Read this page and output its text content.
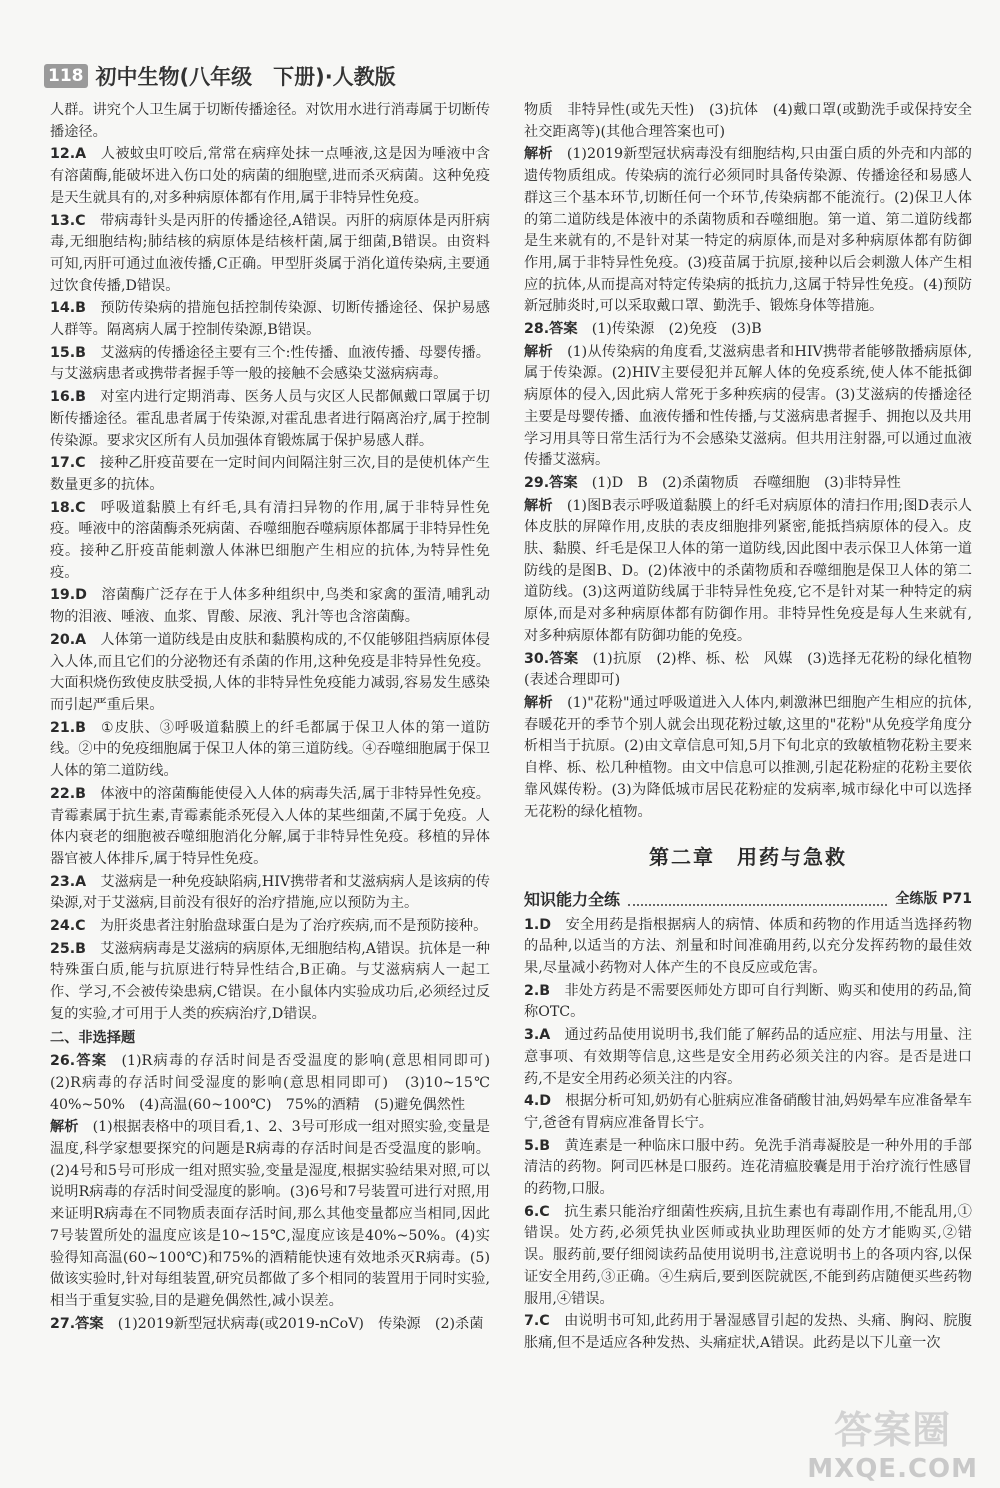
118 初中生物(八年级　下册)·人教版

人群。讲究个人卫生属于切断传播途径。对饮用水进行消毒属于切断传播途径。

12.A  人被蚊虫叮咬后,常常在病痒处抹一点唾液,这是因为唾液中含有溶菌酶,能破坏进入伤口处的病菌的细胞壁,进而杀灭病菌。这种免疫是天生就具有的,对多种病原体都有作用,属于非特异性免疫。

13.C  带病毒针头是丙肝的传播途径,A错误。丙肝的病原体是丙肝病毒,无细胞结构;肺结核的病原体是结核杆菌,属于细菌,B错误。由资料可知,丙肝可通过血液传播,C正确。甲型肝炎属于消化道传染病,主要通过饮食传播,D错误。

14.B  预防传染病的措施包括控制传染源、切断传播途径、保护易感人群等。隔离病人属于控制传染源,B错误。

15.B  艾滋病的传播途径主要有三个:性传播、血液传播、母婴传播。与艾滋病患者或携带者握手等一般的接触不会感染艾滋病病毒。

16.B  对室内进行定期消毒、医务人员与灾区人民都佩戴口罩属于切断传播途径。霍乱患者属于传染源,对霍乱患者进行隔离治疗,属于控制传染源。要求灾区所有人员加强体育锻炼属于保护易感人群。

17.C  接种乙肝疫苗要在一定时间内间隔注射三次,目的是使机体产生数量更多的抗体。

18.C  呼吸道黏膜上有纤毛,具有清扫异物的作用,属于非特异性免疫。唾液中的溶菌酶杀死病菌、吞噬细胞吞噬病原体都属于非特异性免疫。接种乙肝疫苗能刺激人体淋巴细胞产生相应的抗体,为特异性免疫。

19.D  溶菌酶广泛存在于人体多种组织中,鸟类和家禽的蛋清,哺乳动物的泪液、唾液、血浆、胃酸、尿液、乳汁等也含溶菌酶。

20.A  人体第一道防线是由皮肤和黏膜构成的,不仅能够阻挡病原体侵入人体,而且它们的分泌物还有杀菌的作用,这种免疫是非特异性免疫。大面积烧伤致使皮肤受损,人体的非特异性免疫能力减弱,容易发生感染而引起严重后果。

21.B  ①皮肤、③呼吸道黏膜上的纤毛都属于保卫人体的第一道防线。②中的免疫细胞属于保卫人体的第三道防线。④吞噬细胞属于保卫人体的第二道防线。

22.B  体液中的溶菌酶能使侵入人体的病毒失活,属于非特异性免疫。青霉素属于抗生素,青霉素能杀死侵入人体的某些细菌,不属于免疫。人体内衰老的细胞被吞噬细胞消化分解,属于非特异性免疫。移植的异体器官被人体排斥,属于特异性免疫。

23.A  艾滋病是一种免疫缺陷病,HIV携带者和艾滋病病人是该病的传染源,对于艾滋病,目前没有很好的治疗措施,应以预防为主。

24.C  为肝炎患者注射胎盘球蛋白是为了治疗疾病,而不是预防接种。

25.B  艾滋病病毒是艾滋病的病原体,无细胞结构,A错误。抗体是一种特殊蛋白质,能与抗原进行特异性结合,B正确。与艾滋病病人一起工作、学习,不会被传染患病,C错误。在小鼠体内实验成功后,必须经过反复的实验,才可用于人类的疾病治疗,D错误。

二、非选择题

26.答案  (1)R病毒的存活时间是否受温度的影响(意思相同即可)　(2)R病毒的存活时间受湿度的影响(意思相同即可)　(3)10~15℃　40%~50%　(4)高温(60~100℃)　75%的酒精　(5)避免偶然性

解析  (1)根据表格中的项目看,1、2、3号可形成一组对照实验,变量是温度,科学家想要探究的问题是R病毒的存活时间是否受温度的影响。(2)4号和5号可形成一组对照实验,变量是湿度,根据实验结果对照,可以说明R病毒的存活时间受湿度的影响。(3)6号和7号装置可进行对照,用来证明R病毒在不同物质表面存活时间,那么其他变量都应当相同,因此7号装置所处的温度应该是10~15℃,湿度应该是40%~50%。(4)实验得知高温(60~100℃)和75%的酒精能快速有效地杀灭R病毒。(5)做该实验时,针对每组装置,研究员都做了多个相同的装置用于同时实验,相当于重复实验,目的是避免偶然性,减小误差。

27.答案  (1)2019新型冠状病毒(或2019-nCoV)　传染源　(2)杀菌

物质　非特异性(或先天性)　(3)抗体　(4)戴口罩(或勤洗手或保持安全社交距离等)(其他合理答案也可)

解析  (1)2019新型冠状病毒没有细胞结构,只由蛋白质的外壳和内部的遗传物质组成。传染病的流行必须同时具备传染源、传播途径和易感人群这三个基本环节,切断任何一个环节,传染病都不能流行。(2)保卫人体的第二道防线是体液中的杀菌物质和吞噬细胞。第一道、第二道防线都是生来就有的,不是针对某一特定的病原体,而是对多种病原体都有防御作用,属于非特异性免疫。(3)疫苗属于抗原,接种以后会刺激人体产生相应的抗体,从而提高对特定传染病的抵抗力,这属于特异性免疫。(4)预防新冠肺炎时,可以采取戴口罩、勤洗手、锻炼身体等措施。

28.答案  (1)传染源　(2)免疫　(3)B

解析  (1)从传染病的角度看,艾滋病患者和HIV携带者能够散播病原体,属于传染源。(2)HIV主要侵犯并瓦解人体的免疫系统,使人体不能抵御病原体的侵入,因此病人常死于多种疾病的侵害。(3)艾滋病的传播途径主要是母婴传播、血液传播和性传播,与艾滋病患者握手、拥抱以及共用学习用具等日常生活行为不会感染艾滋病。但共用注射器,可以通过血液传播艾滋病。

29.答案  (1)D　B　(2)杀菌物质　吞噬细胞　(3)非特异性

解析  (1)图B表示呼吸道黏膜上的纤毛对病原体的清扫作用;图D表示人体皮肤的屏障作用,皮肤的表皮细胞排列紧密,能抵挡病原体的侵入。皮肤、黏膜、纤毛是保卫人体的第一道防线,因此图中表示保卫人体第一道防线的是图B、D。(2)体液中的杀菌物质和吞噬细胞是保卫人体的第二道防线。(3)这两道防线属于非特异性免疫,它不是针对某一种特定的病原体,而是对多种病原体都有防御作用。非特异性免疫是每人生来就有,对多种病原体都有防御功能的免疫。

30.答案  (1)抗原　(2)桦、栎、松　风媒　(3)选择无花粉的绿化植物(表述合理即可)

解析  (1)"花粉"通过呼吸道进入人体内,刺激淋巴细胞产生相应的抗体,春暖花开的季节个别人就会出现花粉过敏,这里的"花粉"从免疫学角度分析相当于抗原。(2)由文章信息可知,5月下旬北京的致敏植物花粉主要来自桦、栎、松几种植物。由文中信息可以推测,引起花粉症的花粉主要依靠风媒传粉。(3)为降低城市居民花粉症的发病率,城市绿化中可以选择无花粉的绿化植物。

第二章　用药与急救
知识能力全练	全练版 P71

1.D  安全用药是指根据病人的病情、体质和药物的作用适当选择药物的品种,以适当的方法、剂量和时间准确用药,以充分发挥药物的最佳效果,尽量减小药物对人体产生的不良反应或危害。

2.B  非处方药是不需要医师处方即可自行判断、购买和使用的药品,简称OTC。

3.A  通过药品使用说明书,我们能了解药品的适应症、用法与用量、注意事项、有效期等信息,这些是安全用药必须关注的内容。是否是进口药,不是安全用药必须关注的内容。

4.D  根据分析可知,奶奶有心脏病应准备硝酸甘油,妈妈晕车应准备晕车宁,爸爸有胃病应准备胃长宁。

5.B  黄连素是一种临床口服中药。免洗手消毒凝胶是一种外用的手部清洁的药物。阿司匹林是口服药。连花清瘟胶囊是用于治疗流行性感冒的药物,口服。

6.C  抗生素只能治疗细菌性疾病,且抗生素也有毒副作用,不能乱用,①错误。处方药,必须凭执业医师或执业助理医师的处方才能购买,②错误。服药前,要仔细阅读药品使用说明书,注意说明书上的各项内容,以保证安全用药,③正确。④生病后,要到医院就医,不能到药店随便买些药物服用,④错误。

7.C  由说明书可知,此药用于暑湿感冒引起的发热、头痛、胸闷、脘腹胀痛,但不是适应各种发热、头痛症状,A错误。此药是以下儿童一次

答案圈
MXQE.COM
